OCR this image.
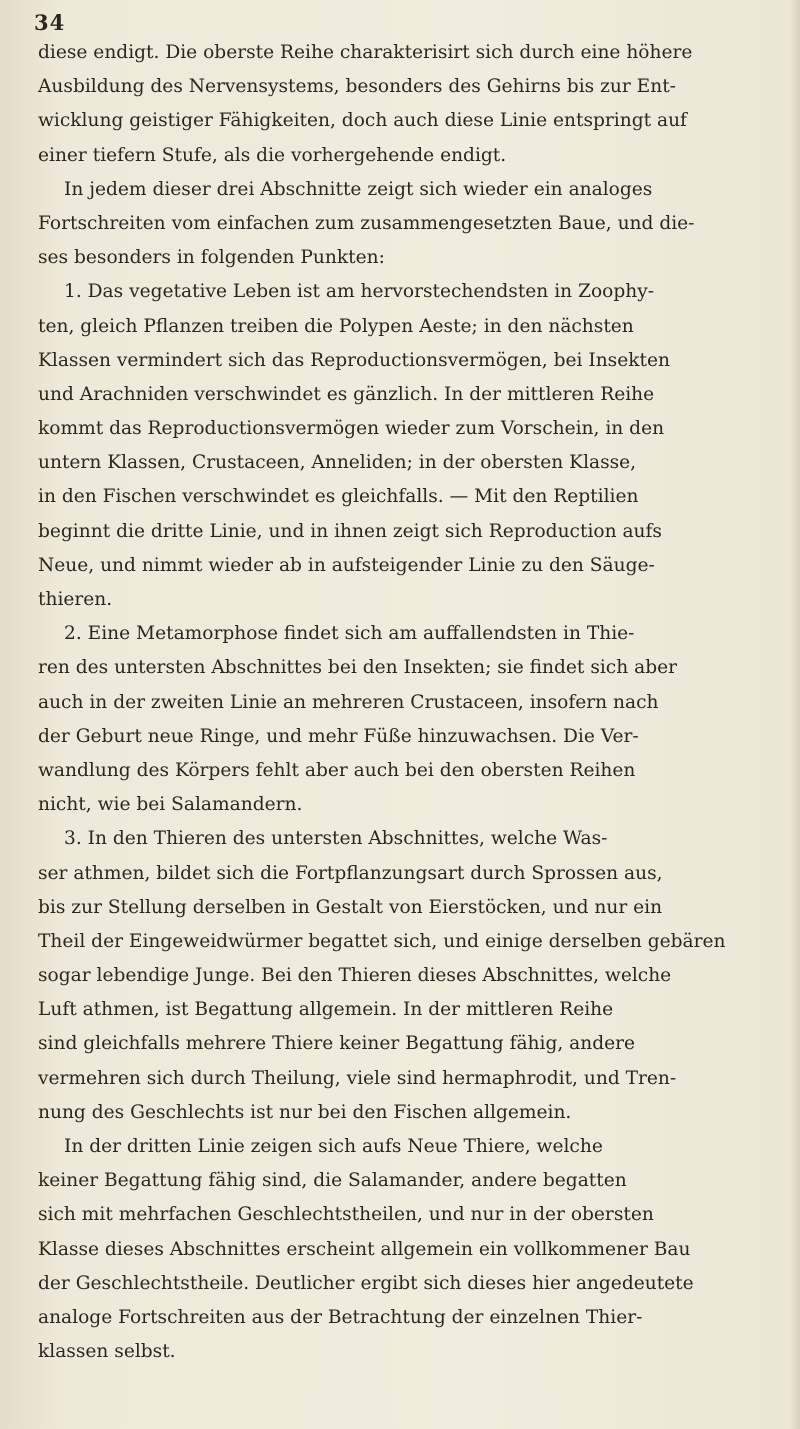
34
diese endigt. Die oberste Reihe charakterisirt sich durch eine höhere
Ausbildung des Nervensystems, besonders des Gehirns bis zur Ent-
wicklung geistiger Fähigkeiten, doch auch diese Linie entspringt auf
einer tiefern Stufe, als die vorhergehende endigt.
In jedem dieser drei Abschnitte zeigt sich wieder ein analoges
Fortschreiten vom einfachen zum zusammengesetzten Baue, und die-
ses besonders in folgenden Punkten:
1. Das vegetative Leben ist am hervorstechendsten in Zoophy-
ten, gleich Pflanzen treiben die Polypen Aeste; in den nächsten
Klassen vermindert sich das Reproductionsvermögen, bei Insekten
und Arachniden verschwindet es gänzlich. In der mittleren Reihe
kommt das Reproductionsvermögen wieder zum Vorschein, in den
untern Klassen, Crustaceen, Anneliden; in der obersten Klasse,
in den Fischen verschwindet es gleichfalls. — Mit den Reptilien
beginnt die dritte Linie, und in ihnen zeigt sich Reproduction aufs
Neue, und nimmt wieder ab in aufsteigender Linie zu den Säuge-
thieren.
2. Eine Metamorphose findet sich am auffallendsten in Thie-
ren des untersten Abschnittes bei den Insekten; sie findet sich aber
auch in der zweiten Linie an mehreren Crustaceen, insofern nach
der Geburt neue Ringe, und mehr Füße hinzuwachsen. Die Ver-
wandlung des Körpers fehlt aber auch bei den obersten Reihen
nicht, wie bei Salamandern.
3. In den Thieren des untersten Abschnittes, welche Was-
ser athmen, bildet sich die Fortpflanzungsart durch Sprossen aus,
bis zur Stellung derselben in Gestalt von Eierstöcken, und nur ein
Theil der Eingeweidwürmer begattet sich, und einige derselben gebären
sogar lebendige Junge. Bei den Thieren dieses Abschnittes, welche
Luft athmen, ist Begattung allgemein. In der mittleren Reihe
sind gleichfalls mehrere Thiere keiner Begattung fähig, andere
vermehren sich durch Theilung, viele sind hermaphrodit, und Tren-
nung des Geschlechts ist nur bei den Fischen allgemein.
In der dritten Linie zeigen sich aufs Neue Thiere, welche
keiner Begattung fähig sind, die Salamander, andere begatten
sich mit mehrfachen Geschlechtstheilen, und nur in der obersten
Klasse dieses Abschnittes erscheint allgemein ein vollkommener Bau
der Geschlechtstheile. Deutlicher ergibt sich dieses hier angedeutete
analoge Fortschreiten aus der Betrachtung der einzelnen Thier-
klassen selbst.
